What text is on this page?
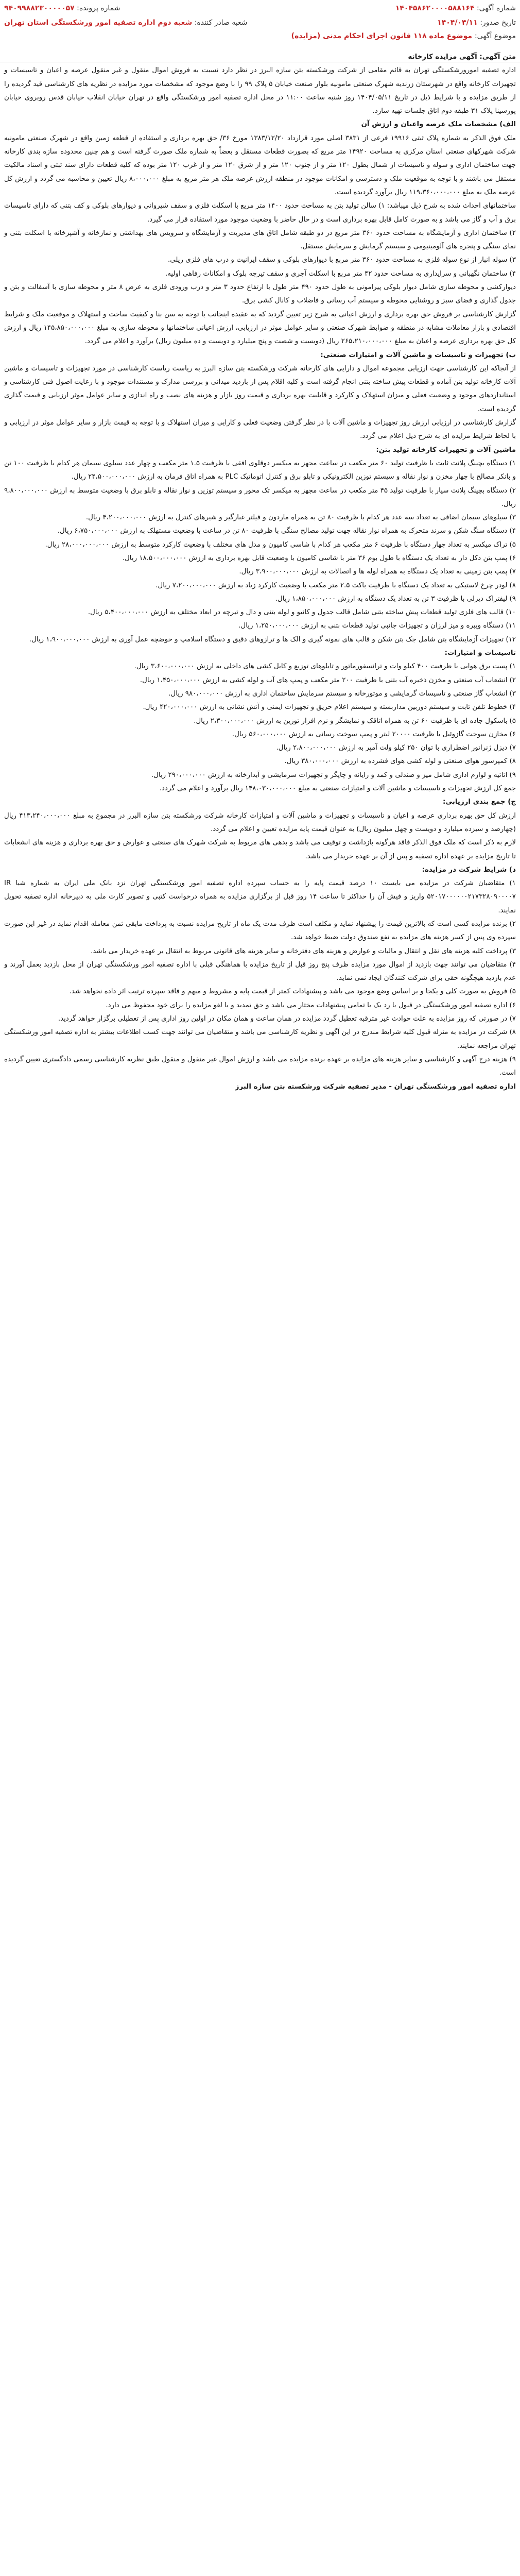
شماره آگهی: ۱۴۰۴۵۸۶۲۰۰۰۰۵۸۸۱۶۴
شماره پرونده: ۹۴۰۹۹۸۸۲۳۰۰۰۰۰۵۷
تاریخ صدور: ۱۴۰۴/۰۴/۱۱
شعبه صادر کننده: شعبه دوم اداره تصفیه امور ورشکستگی استان تهران
موضوع آگهی: موضوع ماده ۱۱۸ قانون اجرای احکام مدنی (مزایده)

متن آگهی: آگهی مزایده کارخانه

اداره تصفیه امورورشکستگی تهران به قائم مقامی از شرکت ورشکسته بتن سازه البرز در نظر دارد نسبت به فروش اموال منقول و غیر منقول عرصه و اعیان و تاسیسات و تجهیزات کارخانه واقع در شهرستان زرندیه شهرک صنعتی مامونیه بلوار صنعت خیابان ۵ پلاک ۹۹ را با وضع موجود که مشخصات مورد مزایده در نظریه های کارشناسی قید گردیده را از طریق مزایده و با شرایط ذیل در تاریخ ۱۴۰۴/۰۵/۱۱ روز شنبه ساعت ۱۱:۰۰ در محل اداره تصفیه امور ورشکستگی واقع در تهران خیابان انقلاب خیابان قدس روبروی خیابان پورسینا پلاک ۳۱ طبقه دوم اتاق جلسات تهیه سازد.

الف) مشخصات ملک عرصه واعیان و ارزش آن

ملک فوق الذکر به شماره پلاک ثبتی ۱۹۹۱۶ فرعی از ۳۸۳۱ اصلی مورد قرارداد ۱۳۸۳/۱۲/۲۰ مورخ ۳۶/ حق بهره برداری و استفاده از قطعه زمین واقع در شهرک صنعتی مامونیه شرکت شهرکهای صنعتی استان مرکزی به مساحت ۱۴۹۲۰ متر مربع که بصورت قطعات مستقل و بعضاً به شماره ملک صورت گرفته است و هم چنین محدوده سازه بندی کارخانه جهت ساختمان اداری و سوله و تاسیسات از شمال بطول ۱۲۰ متر و از جنوب ۱۲۰ متر و از شرق ۱۲۰ متر و از غرب ۱۲۰ متر بوده که کلیه قطعات دارای سند ثبتی و اسناد مالکیت مستقل می باشند و با توجه به موقعیت ملک و دسترسی و امکانات موجود در منطقه ارزش عرصه ملک هر متر مربع به مبلغ ۸،۰۰۰،۰۰۰ ریال تعیین و محاسبه می گردد و ارزش کل عرصه ملک به مبلغ ۱۱۹،۳۶۰،۰۰۰،۰۰۰ ریال برآورد گردیده است.

ساختمانهای احداث شده به شرح ذیل میباشد: ۱) سالن تولید بتن به مساحت حدود ۱۴۰۰ متر مربع با اسکلت فلزی و سقف شیروانی و دیوارهای بلوکی و کف بتنی که دارای تاسیسات برق و آب و گاز می باشد و به صورت کامل قابل بهره برداری است و در حال حاضر با وضعیت موجود مورد استفاده قرار می گیرد.

۲) ساختمان اداری و آزمایشگاه به مساحت حدود ۳۶۰ متر مربع در دو طبقه شامل اتاق های مدیریت و آزمایشگاه و سرویس های بهداشتی و نمازخانه و آشپزخانه با اسکلت بتنی و نمای سنگی و پنجره های آلومینیومی و سیستم گرمایش و سرمایش مستقل.

۳) سوله انبار از نوع سوله فلزی به مساحت حدود ۳۶۰ متر مربع با دیوارهای بلوکی و سقف ایرانیت و درب های فلزی ریلی.

۴) ساختمان نگهبانی و سرایداری به مساحت حدود ۴۲ متر مربع با اسکلت آجری و سقف تیرچه بلوک و امکانات رفاهی اولیه.

دیوارکشی و محوطه سازی شامل دیوار بلوکی پیرامونی به طول حدود ۴۹۰ متر طول با ارتفاع حدود ۳ متر و درب ورودی فلزی به عرض ۸ متر و محوطه سازی با آسفالت و بتن و جدول گذاری و فضای سبز و روشنایی محوطه و سیستم آب رسانی و فاضلاب و کانال کشی برق.

گزارش کارشناسی بر فروش حق بهره برداری و ارزش اعیانی به شرح زیر تعیین گردید که به عقیده اینجانب با توجه به سن بنا و کیفیت ساخت و استهلاک و موقعیت ملک و شرایط اقتصادی و بازار معاملات مشابه در منطقه و ضوابط شهرک صنعتی و سایر عوامل موثر در ارزیابی، ارزش اعیانی ساختمانها و محوطه سازی به مبلغ ۱۴۵،۸۵۰،۰۰۰،۰۰۰ ریال و ارزش کل حق بهره برداری عرصه و اعیان به مبلغ ۲۶۵،۲۱۰،۰۰۰،۰۰۰ ریال (دویست و شصت و پنج میلیارد و دویست و ده میلیون ریال) برآورد و اعلام می گردد.

ب) تجهیزات و تاسیسات و ماشین آلات و امتیازات صنعتی:

از آنجاکه این کارشناسی جهت ارزیابی مجموعه اموال و دارایی های کارخانه شرکت ورشکسته بتن سازه البرز به ریاست ریاست کارشناسی در مورد تجهیزات و تاسیسات و ماشین آلات کارخانه تولید بتن آماده و قطعات پیش ساخته بتنی انجام گرفته است و کلیه اقلام پس از بازدید میدانی و بررسی مدارک و مستندات موجود و با رعایت اصول فنی کارشناسی و استانداردهای موجود و وضعیت فعلی و میزان استهلاک و کارکرد و قابلیت بهره برداری و قیمت روز بازار و هزینه های نصب و راه اندازی و سایر عوامل موثر ارزیابی و قیمت گذاری گردیده است.

گزارش کارشناسی در ارزیابی ارزش روز تجهیزات و ماشین آلات با در نظر گرفتن وضعیت فعلی و کارایی و میزان استهلاک و با توجه به قیمت بازار و سایر عوامل موثر در ارزیابی و با لحاظ شرایط مزایده ای به شرح ذیل اعلام می گردد.

ماشین آلات و تجهیزات کارخانه تولید بتن:

۱) دستگاه بچینگ پلانت ثابت با ظرفیت تولید ۶۰ متر مکعب در ساعت مجهز به میکسر دوقلوی افقی با ظرفیت ۱.۵ متر مکعب و چهار عدد سیلوی سیمان هر کدام با ظرفیت ۱۰۰ تن و بانکر مصالح با چهار مخزن و نوار نقاله و سیستم توزین الکترونیکی و تابلو برق و کنترل اتوماتیک PLC به همراه اتاق فرمان به ارزش ۲۴،۵۰۰،۰۰۰،۰۰۰ ریال.

۲) دستگاه بچینگ پلانت سیار با ظرفیت تولید ۴۵ متر مکعب در ساعت مجهز به میکسر تک محور و سیستم توزین و نوار نقاله و تابلو برق با وضعیت متوسط به ارزش ۹،۸۰۰،۰۰۰،۰۰۰ ریال.

۳) سیلوهای سیمان اضافی به تعداد سه عدد هر کدام با ظرفیت ۸۰ تن به همراه ماردون و فیلتر غبارگیر و شیرهای کنترل به ارزش ۴،۲۰۰،۰۰۰،۰۰۰ ریال.

۴) دستگاه سنگ شکن و سرند متحرک به همراه نوار نقاله جهت تولید مصالح سنگی با ظرفیت ۸۰ تن در ساعت با وضعیت مستهلک به ارزش ۶،۷۵۰،۰۰۰،۰۰۰ ریال.

۵) تراک میکسر به تعداد چهار دستگاه با ظرفیت ۶ متر مکعب هر کدام با شاسی کامیون و مدل های مختلف با وضعیت کارکرد متوسط به ارزش ۲۸،۰۰۰،۰۰۰،۰۰۰ ریال.

۶) پمپ بتن دکل دار به تعداد یک دستگاه با طول بوم ۳۶ متر با شاسی کامیون با وضعیت قابل بهره برداری به ارزش ۱۸،۵۰۰،۰۰۰،۰۰۰ ریال.

۷) پمپ بتن زمینی به تعداد یک دستگاه به همراه لوله ها و اتصالات به ارزش ۳،۹۰۰،۰۰۰،۰۰۰ ریال.

۸) لودر چرخ لاستیکی به تعداد یک دستگاه با ظرفیت باکت ۲.۵ متر مکعب با وضعیت کارکرد زیاد به ارزش ۷،۲۰۰،۰۰۰،۰۰۰ ریال.

۹) لیفتراک دیزلی با ظرفیت ۳ تن به تعداد یک دستگاه به ارزش ۱،۸۵۰،۰۰۰،۰۰۰ ریال.

۱۰) قالب های فلزی تولید قطعات پیش ساخته بتنی شامل قالب جدول و کانیو و لوله بتنی و دال و تیرچه در ابعاد مختلف به ارزش ۵،۴۰۰،۰۰۰،۰۰۰ ریال.

۱۱) دستگاه ویبره و میز لرزان و تجهیزات جانبی تولید قطعات بتنی به ارزش ۱،۲۵۰،۰۰۰،۰۰۰ ریال.

۱۲) تجهیزات آزمایشگاه بتن شامل جک بتن شکن و قالب های نمونه گیری و الک ها و ترازوهای دقیق و دستگاه اسلامپ و حوضچه عمل آوری به ارزش ۱،۹۰۰،۰۰۰،۰۰۰ ریال.

تاسیسات و امتیازات:

۱) پست برق هوایی با ظرفیت ۴۰۰ کیلو وات و ترانسفورماتور و تابلوهای توزیع و کابل کشی های داخلی به ارزش ۳،۶۰۰،۰۰۰،۰۰۰ ریال.

۲) انشعاب آب صنعتی و مخزن ذخیره آب بتنی با ظرفیت ۲۰۰ متر مکعب و پمپ های آب و لوله کشی به ارزش ۱،۴۵۰،۰۰۰،۰۰۰ ریال.

۳) انشعاب گاز صنعتی و تاسیسات گرمایشی و موتورخانه و سیستم سرمایش ساختمان اداری به ارزش ۹۸۰،۰۰۰،۰۰۰ ریال.

۴) خطوط تلفن ثابت و سیستم دوربین مداربسته و سیستم اعلام حریق و تجهیزات ایمنی و آتش نشانی به ارزش ۴۲۰،۰۰۰،۰۰۰ ریال.

۵) باسکول جاده ای با ظرفیت ۶۰ تن به همراه اتاقک و نمایشگر و نرم افزار توزین به ارزش ۲،۳۰۰،۰۰۰،۰۰۰ ریال.

۶) مخازن سوخت گازوئیل با ظرفیت ۲۰۰۰۰ لیتر و پمپ سوخت رسانی به ارزش ۵۶۰،۰۰۰،۰۰۰ ریال.

۷) دیزل ژنراتور اضطراری با توان ۲۵۰ کیلو ولت آمپر به ارزش ۲،۸۰۰،۰۰۰،۰۰۰ ریال.

۸) کمپرسور هوای صنعتی و لوله کشی هوای فشرده به ارزش ۳۸۰،۰۰۰،۰۰۰ ریال.

۹) اثاثیه و لوازم اداری شامل میز و صندلی و کمد و رایانه و چاپگر و تجهیزات سرمایشی و آبدارخانه به ارزش ۲۹۰،۰۰۰،۰۰۰ ریال.

جمع کل ارزش تجهیزات و تاسیسات و ماشین آلات و امتیازات صنعتی به مبلغ ۱۴۸،۰۳۰،۰۰۰،۰۰۰ ریال برآورد و اعلام می گردد.

ج) جمع بندی ارزیابی:

ارزش کل حق بهره برداری عرصه و اعیان و تاسیسات و تجهیزات و ماشین آلات و امتیازات کارخانه شرکت ورشکسته بتن سازه البرز در مجموع به مبلغ ۴۱۳،۲۴۰،۰۰۰،۰۰۰ ریال (چهارصد و سیزده میلیارد و دویست و چهل میلیون ریال) به عنوان قیمت پایه مزایده تعیین و اعلام می گردد.

لازم به ذکر است که ملک فوق الذکر فاقد هرگونه بازداشت و توقیف می باشد و بدهی های مربوط به شرکت شهرک های صنعتی و عوارض و حق بهره برداری و هزینه های انشعابات تا تاریخ مزایده بر عهده اداره تصفیه و پس از آن بر عهده خریدار می باشد.

د) شرایط شرکت در مزایده:

۱) متقاضیان شرکت در مزایده می بایست ۱۰ درصد قیمت پایه را به حساب سپرده اداره تصفیه امور ورشکستگی تهران نزد بانک ملی ایران به شماره شبا IR ۵۲۰۱۷۰۰۰۰۰۰۲۱۷۳۲۸۰۹۰۰۰۰۷ واریز و فیش آن را حداکثر تا ساعت ۱۴ روز قبل از برگزاری مزایده به همراه درخواست کتبی و تصویر کارت ملی به دبیرخانه اداره تصفیه تحویل نمایند.

۲) برنده مزایده کسی است که بالاترین قیمت را پیشنهاد نماید و مکلف است ظرف مدت یک ماه از تاریخ مزایده نسبت به پرداخت مابقی ثمن معامله اقدام نماید در غیر این صورت سپرده وی پس از کسر هزینه های مزایده به نفع صندوق دولت ضبط خواهد شد.

۳) پرداخت کلیه هزینه های نقل و انتقال و مالیات و عوارض و هزینه های دفترخانه و سایر هزینه های قانونی مربوط به انتقال بر عهده خریدار می باشد.

۴) متقاضیان می توانند جهت بازدید از اموال مورد مزایده ظرف پنج روز قبل از تاریخ مزایده با هماهنگی قبلی با اداره تصفیه امور ورشکستگی تهران از محل بازدید بعمل آورند و عدم بازدید هیچگونه حقی برای شرکت کنندگان ایجاد نمی نماید.

۵) فروش به صورت کلی و یکجا و بر اساس وضع موجود می باشد و پیشنهادات کمتر از قیمت پایه و مشروط و مبهم و فاقد سپرده ترتیب اثر داده نخواهد شد.

۶) اداره تصفیه امور ورشکستگی در قبول یا رد یک یا تمامی پیشنهادات مختار می باشد و حق تمدید و یا لغو مزایده را برای خود محفوظ می دارد.

۷) در صورتی که روز مزایده به علت حوادث غیر مترقبه تعطیل گردد مزایده در همان ساعت و همان مکان در اولین روز اداری پس از تعطیلی برگزار خواهد گردید.

۸) شرکت در مزایده به منزله قبول کلیه شرایط مندرج در این آگهی و نظریه کارشناسی می باشد و متقاضیان می توانند جهت کسب اطلاعات بیشتر به اداره تصفیه امور ورشکستگی تهران مراجعه نمایند.

۹) هزینه درج آگهی و کارشناسی و سایر هزینه های مزایده بر عهده برنده مزایده می باشد و ارزش اموال غیر منقول و منقول طبق نظریه کارشناسی رسمی دادگستری تعیین گردیده است.

اداره تصفیه امور ورشکستگی تهران - مدیر تصفیه شرکت ورشکسته بتن سازه البرز
